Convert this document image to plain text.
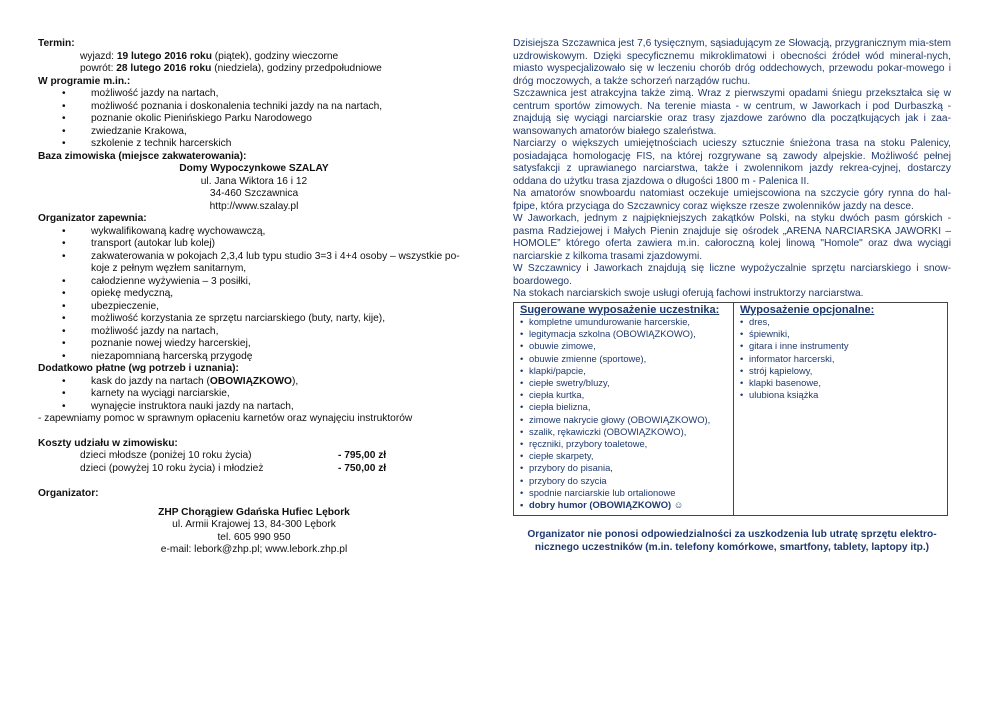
Termin:

wyjazd: 19 lutego 2016 roku (piątek), godziny wieczorne

powrót: 28 lutego 2016 roku (niedziela), godziny przedpołudniowe

W programie m.in.:

• możliwość jazdy na nartach,
• możliwość poznania i doskonalenia techniki jazdy na na nartach,
• poznanie okolic Pienińskiego Parku Narodowego
• zwiedzanie Krakowa,
• szkolenie z technik harcerskich

Baza zimowiska (miejsce zakwaterowania):

Domy Wypoczynkowe SZALAY

ul. Jana Wiktora 16 i 12

34-460 Szczawnica

http://www.szalay.pl

Organizator zapewnia:

• wykwalifikowaną kadrę wychowawczą,
• transport (autokar lub kolej)
• zakwaterowania w pokojach 2,3,4 lub typu studio 3=3 i 4+4 osoby – wszystkie po-koje z pełnym węzłem sanitarnym,
• całodzienne wyżywienia – 3 posiłki,
• opiekę medyczną,
• ubezpieczenie,
• możliwość korzystania ze sprzętu narciarskiego (buty, narty, kije),
• możliwość jazdy na nartach,
• poznanie nowej wiedzy harcerskiej,
• niezapomnianą harcerską przygodę

Dodatkowo płatne (wg potrzeb i uznania):

• kask do jazdy na nartach (OBOWIĄZKOWO),
• karnety na wyciągi narciarskie,
• wynajęcie instruktora nauki jazdy na nartach,

- zapewniamy pomoc w sprawnym opłaceniu karnetów oraz wynajęciu instruktorów

Koszty udziału w zimowisku:

dzieci młodsze (poniżej 10 roku życia)	- 795,00 zł
dzieci (powyżej 10 roku życia) i młodzież	- 750,00 zł

Organizator:

ZHP Chorągiew Gdańska Hufiec Lębork

ul. Armii Krajowej 13, 84-300 Lębork

tel. 605 990 950

e-mail: lebork@zhp.pl; www.lebork.zhp.pl

Dzisiejsza Szczawnica jest 7,6 tysięcznym, sąsiadującym ze Słowacją, przygranicznym mia-stem uzdrowiskowym. Dzięki specyficznemu mikroklimatowi i obecności źródeł wód mineral-nych, miasto wyspecjalizowało się w leczeniu chorób dróg oddechowych, przewodu pokar-mowego i dróg moczowych, a także schorzeń narządów ruchu.

Szczawnica jest atrakcyjna także zimą. Wraz z pierwszymi opadami śniegu przekształca się w centrum sportów zimowych. Na terenie miasta - w centrum, w Jaworkach i pod Durbaszką - znajdują się wyciągi narciarskie oraz trasy zjazdowe zarówno dla początkujących jak i zaa-wansowanych amatorów białego szaleństwa.

Narciarzy o większych umiejętnościach ucieszy sztucznie śnieżona trasa na stoku Palenicy, posiadająca homologację FIS, na której rozgrywane są zawody alpejskie. Możliwość pełnej satysfakcji z uprawianego narciarstwa, także i zwolennikom jazdy rekrea-cyjnej, dostarczy oddana do użytku trasa zjazdowa o długości 1800 m - Palenica II.

Na amatorów snowboardu natomiast oczekuje umiejscowiona na szczycie góry rynna do hal-fpipe, która przyciąga do Szczawnicy coraz większe rzesze zwolenników jazdy na desce.

W Jaworkach, jednym z najpiękniejszych zakątków Polski, na styku dwóch pasm górskich - pasma Radziejowej i Małych Pienin znajduje się ośrodek „ARENA NARCIARSKA JAWORKI – HOMOLE” którego oferta zawiera m.in. całoroczną kolej linową "Homole" oraz dwa wyciągi narciarskie z kilkoma trasami zjazdowymi.

W Szczawnicy i Jaworkach znajdują się liczne wypożyczalnie sprzętu narciarskiego i snow-boardowego.

Na stokach narciarskich swoje usługi oferują fachowi instruktorzy narciarstwa.

Sugerowane wyposażenie uczestnika:
• kompletne umundurowanie harcerskie,
• legitymacja szkolna (OBOWIĄZKOWO),
• obuwie zimowe,
• obuwie zmienne (sportowe),
• klapki/papcie,
• ciepłe swetry/bluzy,
• ciepła kurtka,
• ciepła bielizna,
• zimowe nakrycie głowy (OBOWIĄZKOWO),
• szalik, rękawiczki (OBOWIĄZKOWO),
• ręczniki, przybory toaletowe,
• ciepłe skarpety,
• przybory do pisania,
• przybory do szycia
• spodnie narciarskie lub ortalionowe
• dobry humor (OBOWIĄZKOWO) ☺

Wyposażenie opcjonalne:
• dres,
• śpiewniki,
• gitara i inne instrumenty
• informator harcerski,
• strój kąpielowy,
• klapki basenowe,
• ulubiona książka

Organizator nie ponosi odpowiedzialności za uszkodzenia lub utratę sprzętu elektro-nicznego uczestników (m.in. telefony komórkowe, smartfony, tablety, laptopy itp.)
